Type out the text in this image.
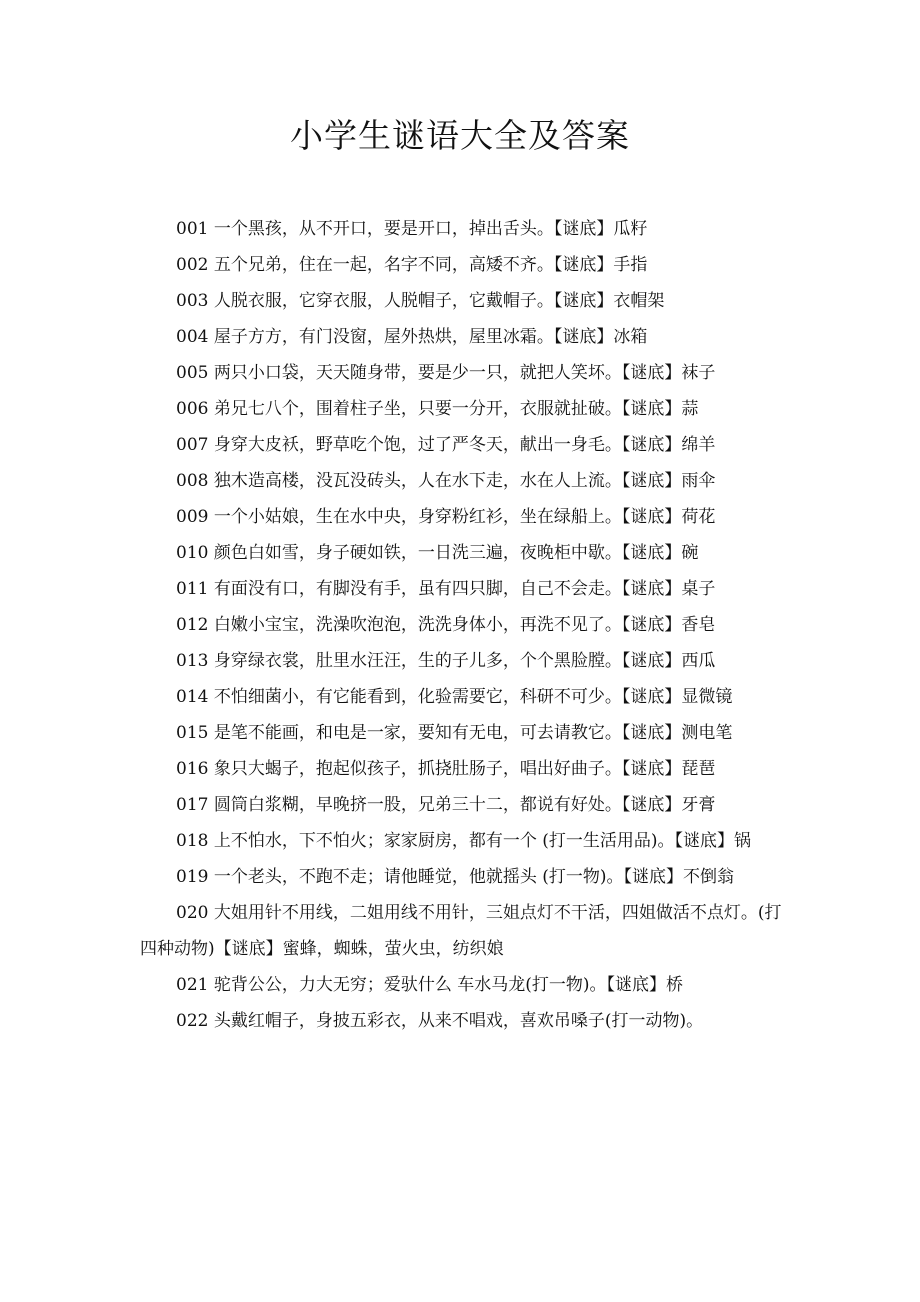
小学生谜语大全及答案

001 一个黑孩，从不开口，要是开口，掉出舌头。【谜底】瓜籽

002 五个兄弟，住在一起，名字不同，高矮不齐。【谜底】手指

003 人脱衣服，它穿衣服，人脱帽子，它戴帽子。【谜底】衣帽架

004 屋子方方，有门没窗，屋外热烘，屋里冰霜。【谜底】冰箱

005 两只小口袋，天天随身带，要是少一只，就把人笑坏。【谜底】袜子

006 弟兄七八个，围着柱子坐，只要一分开，衣服就扯破。【谜底】蒜

007 身穿大皮袄，野草吃个饱，过了严冬天，献出一身毛。【谜底】绵羊

008 独木造高楼，没瓦没砖头，人在水下走，水在人上流。【谜底】雨伞

009 一个小姑娘，生在水中央，身穿粉红衫，坐在绿船上。【谜底】荷花

010 颜色白如雪，身子硬如铁，一日洗三遍，夜晚柜中歇。【谜底】碗

011 有面没有口，有脚没有手，虽有四只脚，自己不会走。【谜底】桌子

012 白嫩小宝宝，洗澡吹泡泡，洗洗身体小，再洗不见了。【谜底】香皂

013 身穿绿衣裳，肚里水汪汪，生的子儿多，个个黑脸膛。【谜底】西瓜

014 不怕细菌小，有它能看到，化验需要它，科研不可少。【谜底】显微镜

015 是笔不能画，和电是一家，要知有无电，可去请教它。【谜底】测电笔

016 象只大蝎子，抱起似孩子，抓挠肚肠子，唱出好曲子。【谜底】琵琶

017 圆筒白浆糊，早晚挤一股，兄弟三十二，都说有好处。【谜底】牙膏

018 上不怕水，下不怕火；家家厨房，都有一个 (打一生活用品)。【谜底】锅

019 一个老头，不跑不走；请他睡觉，他就摇头 (打一物)。【谜底】不倒翁

020 大姐用针不用线，二姐用线不用针，三姐点灯不干活，四姐做活不点灯。(打四种动物)【谜底】蜜蜂，蜘蛛，萤火虫，纺织娘

021 驼背公公，力大无穷；爱驮什么 车水马龙(打一物)。【谜底】桥

022 头戴红帽子，身披五彩衣，从来不唱戏，喜欢吊嗓子(打一动物)。
